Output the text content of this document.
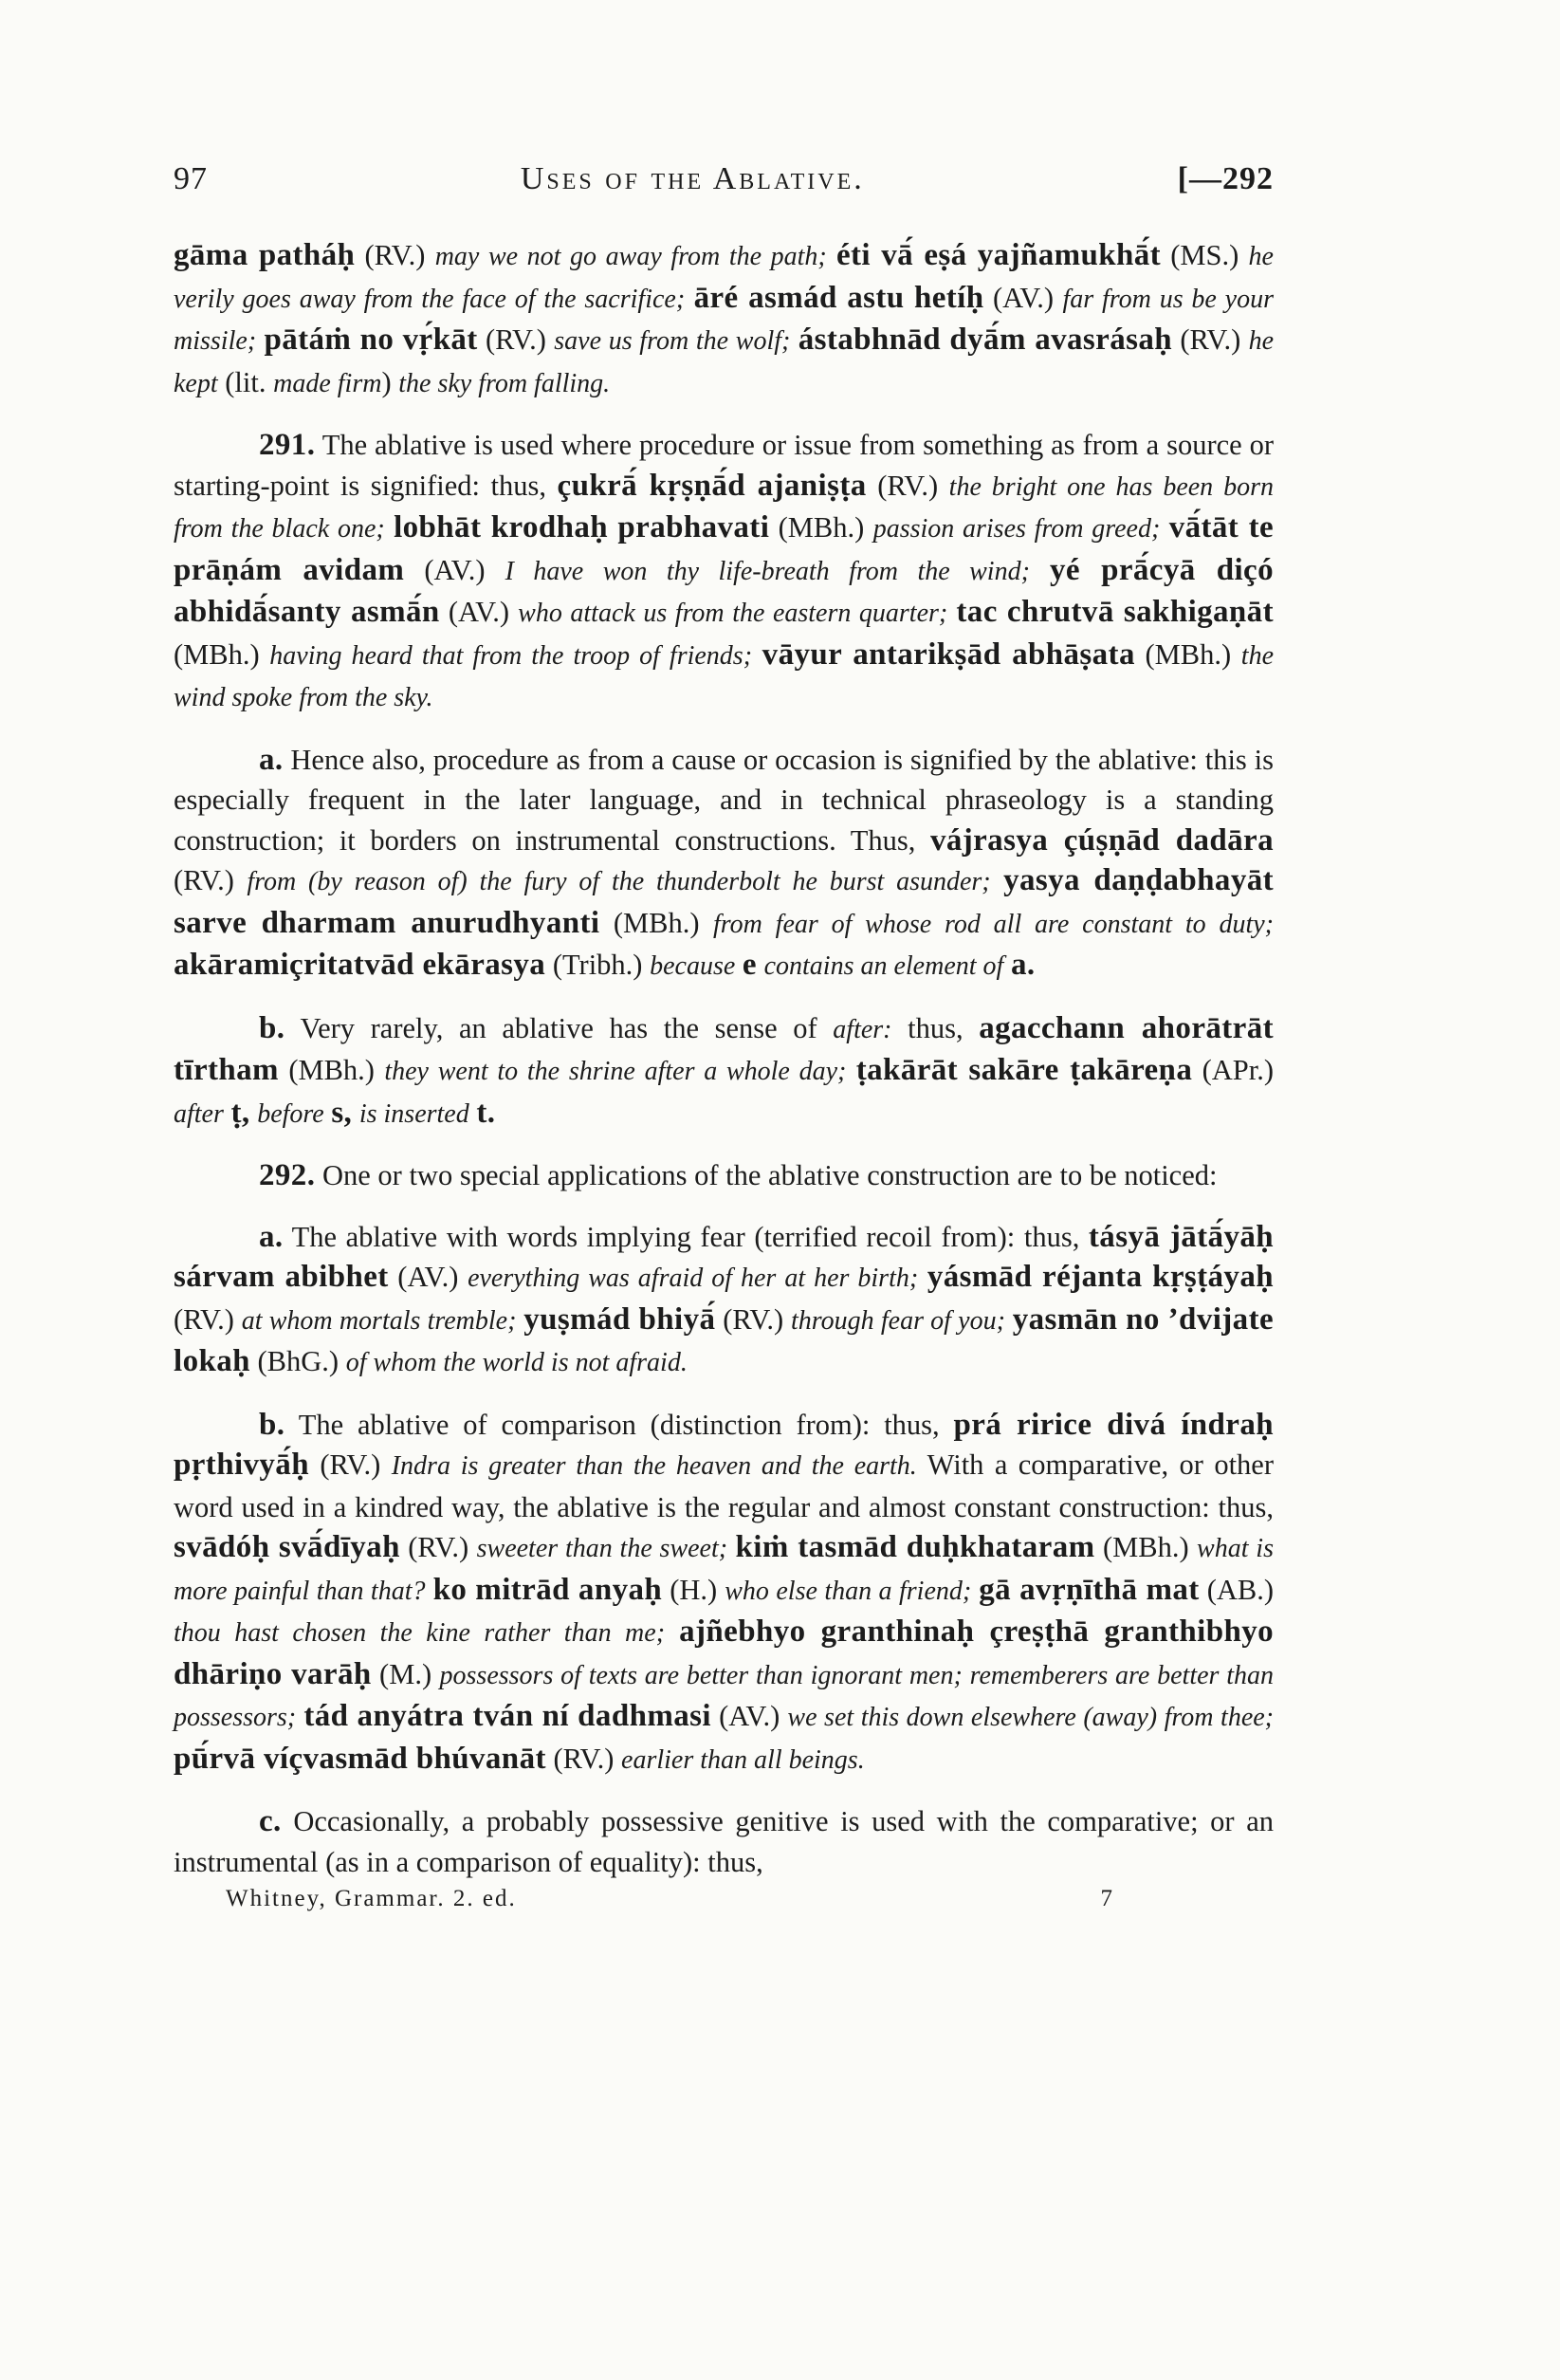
97	Uses of the Ablative.	[—292

gāma patháḥ (RV.) may we not go away from the path; éti vā́ eṣá yajñamukhā́t (MS.) he verily goes away from the face of the sacrifice; āré asmád astu hetíḥ (AV.) far from us be your missile; pātáṁ no vṛ́kāt (RV.) save us from the wolf; ástabhnād dyā́m avasrásaḥ (RV.) he kept (lit. made firm) the sky from falling.

291. The ablative is used where procedure or issue from something as from a source or starting-point is signified: thus, çukrā́ kṛṣṇā́d ajaniṣṭa (RV.) the bright one has been born from the black one; lobhāt krodhaḥ prabhavati (MBh.) passion arises from greed; vā́tāt te prāṇám avidam (AV.) I have won thy life-breath from the wind; yé prā́cyā diçó abhidā́santy asmā́n (AV.) who attack us from the eastern quarter; tac chrutvā sakhigaṇāt (MBh.) having heard that from the troop of friends; vāyur antarikṣād abhāṣata (MBh.) the wind spoke from the sky.

a. Hence also, procedure as from a cause or occasion is signified by the ablative: this is especially frequent in the later language, and in technical phraseology is a standing construction; it borders on instrumental constructions. Thus, vájrasya çúṣṇād dadāra (RV.) from (by reason of) the fury of the thunderbolt he burst asunder; yasya daṇḍabhayāt sarve dharmam anurudhyanti (MBh.) from fear of whose rod all are constant to duty; akāramiçritatvād ekārasya (Tribh.) because e contains an element of a.

b. Very rarely, an ablative has the sense of after: thus, agacchann ahorātrāt tīrtham (MBh.) they went to the shrine after a whole day; ṭakārāt sakāre ṭakāreṇa (APr.) after ṭ, before s, is inserted t.

292. One or two special applications of the ablative construction are to be noticed:

a. The ablative with words implying fear (terrified recoil from): thus, tásyā jātā́yāḥ sárvam abibhet (AV.) everything was afraid of her at her birth; yásmād réjanta kṛṣṭáyaḥ (RV.) at whom mortals tremble; yuṣmád bhiyā́ (RV.) through fear of you; yasmān no ’dvijate lokaḥ (BhG.) of whom the world is not afraid.

b. The ablative of comparison (distinction from): thus, prá ririce divá índraḥ pṛthivyā́ḥ (RV.) Indra is greater than the heaven and the earth. With a comparative, or other word used in a kindred way, the ablative is the regular and almost constant construction: thus, svādóḥ svā́dīyaḥ (RV.) sweeter than the sweet; kiṁ tasmād duḥkhataram (MBh.) what is more painful than that? ko mitrād anyaḥ (H.) who else than a friend; gā avṛṇīthā mat (AB.) thou hast chosen the kine rather than me; ajñebhyo granthinaḥ çreṣṭhā granthibhyo dhāriṇo varāḥ (M.) possessors of texts are better than ignorant men; rememberers are better than possessors; tád anyátra tván ní dadhmasi (AV.) we set this down elsewhere (away) from thee; pū́rvā víçvasmād bhúvanāt (RV.) earlier than all beings.

c. Occasionally, a probably possessive genitive is used with the comparative; or an instrumental (as in a comparison of equality): thus,

Whitney, Grammar. 2. ed.	7
